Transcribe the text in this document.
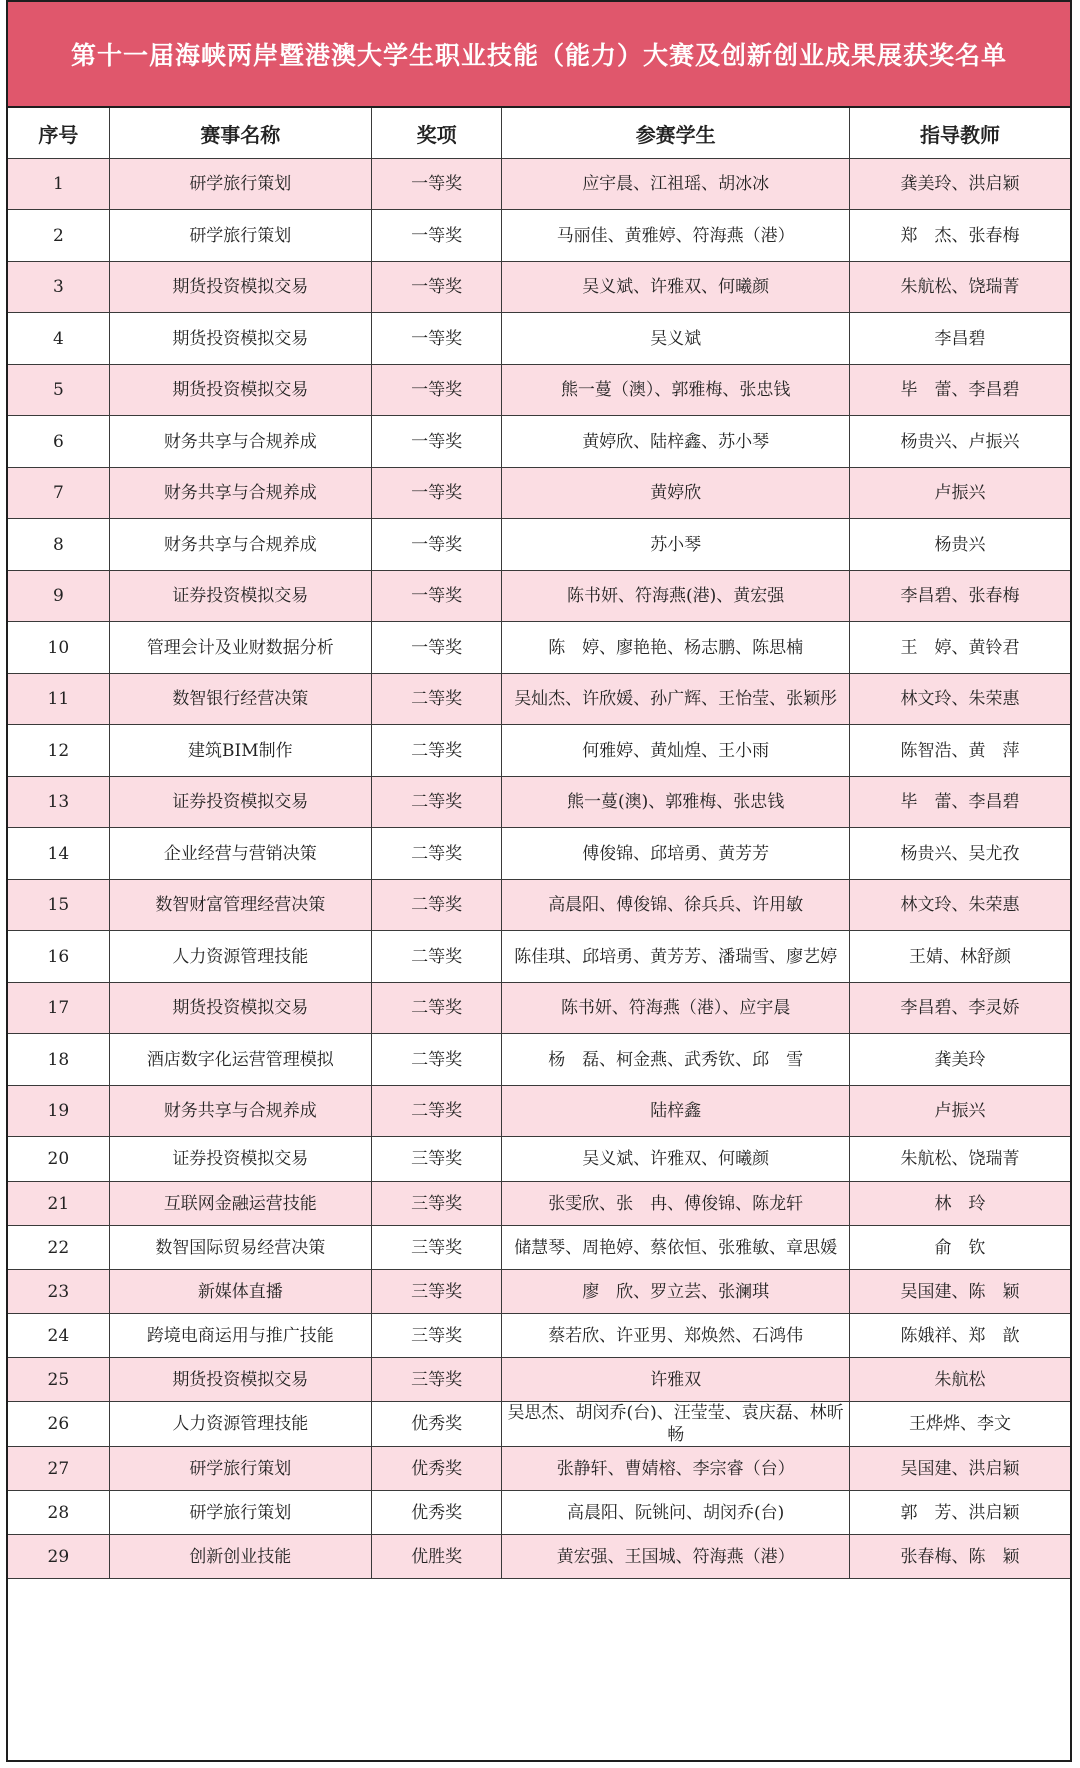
第十一届海峡两岸暨港澳大学生职业技能（能力）大赛及创新创业成果展获奖名单
序号	赛事名称	奖项	参赛学生	指导教师
1	研学旅行策划	一等奖	应宇晨、江祖瑶、胡冰冰	龚美玲、洪启颖
2	研学旅行策划	一等奖	马丽佳、黄雅婷、符海燕（港）	郑　杰、张春梅
3	期货投资模拟交易	一等奖	吴义斌、许雅双、何曦颜	朱航松、饶瑞菁
4	期货投资模拟交易	一等奖	吴义斌	李昌碧
5	期货投资模拟交易	一等奖	熊一蔓（澳）、郭雅梅、张忠钱	毕　蕾、李昌碧
6	财务共享与合规养成	一等奖	黄婷欣、陆梓鑫、苏小琴	杨贵兴、卢振兴
7	财务共享与合规养成	一等奖	黄婷欣	卢振兴
8	财务共享与合规养成	一等奖	苏小琴	杨贵兴
9	证券投资模拟交易	一等奖	陈书妍、符海燕(港)、黄宏强	李昌碧、张春梅
10	管理会计及业财数据分析	一等奖	陈　婷、廖艳艳、杨志鹏、陈思楠	王　婷、黄铃君
11	数智银行经营决策	二等奖	吴灿杰、许欣媛、孙广辉、王怡莹、张颖彤	林文玲、朱荣惠
12	建筑BIM制作	二等奖	何雅婷、黄灿煌、王小雨	陈智浩、黄　萍
13	证券投资模拟交易	二等奖	熊一蔓(澳)、郭雅梅、张忠钱	毕　蕾、李昌碧
14	企业经营与营销决策	二等奖	傅俊锦、邱培勇、黄芳芳	杨贵兴、吴尤孜
15	数智财富管理经营决策	二等奖	高晨阳、傅俊锦、徐兵兵、许用敏	林文玲、朱荣惠
16	人力资源管理技能	二等奖	陈佳琪、邱培勇、黄芳芳、潘瑞雪、廖艺婷	王婧、林舒颜
17	期货投资模拟交易	二等奖	陈书妍、符海燕（港）、应宇晨	李昌碧、李灵娇
18	酒店数字化运营管理模拟	二等奖	杨　磊、柯金燕、武秀钦、邱　雪	龚美玲
19	财务共享与合规养成	二等奖	陆梓鑫	卢振兴
20	证券投资模拟交易	三等奖	吴义斌、许雅双、何曦颜	朱航松、饶瑞菁
21	互联网金融运营技能	三等奖	张雯欣、张　冉、傅俊锦、陈龙轩	林　玲
22	数智国际贸易经营决策	三等奖	储慧琴、周艳婷、蔡依恒、张雅敏、章思媛	俞　钦
23	新媒体直播	三等奖	廖　欣、罗立芸、张澜琪	吴国建、陈　颖
24	跨境电商运用与推广技能	三等奖	蔡若欣、许亚男、郑焕然、石鸿伟	陈娥祥、郑　歆
25	期货投资模拟交易	三等奖	许雅双	朱航松
26	人力资源管理技能	优秀奖	吴思杰、胡闵乔(台)、汪莹莹、袁庆磊、林昕畅	王烨烨、李文
27	研学旅行策划	优秀奖	张静轩、曹婧榕、李宗睿（台）	吴国建、洪启颖
28	研学旅行策划	优秀奖	高晨阳、阮铫问、胡闵乔(台)	郭　芳、洪启颖
29	创新创业技能	优胜奖	黄宏强、王国城、符海燕（港）	张春梅、陈　颖
